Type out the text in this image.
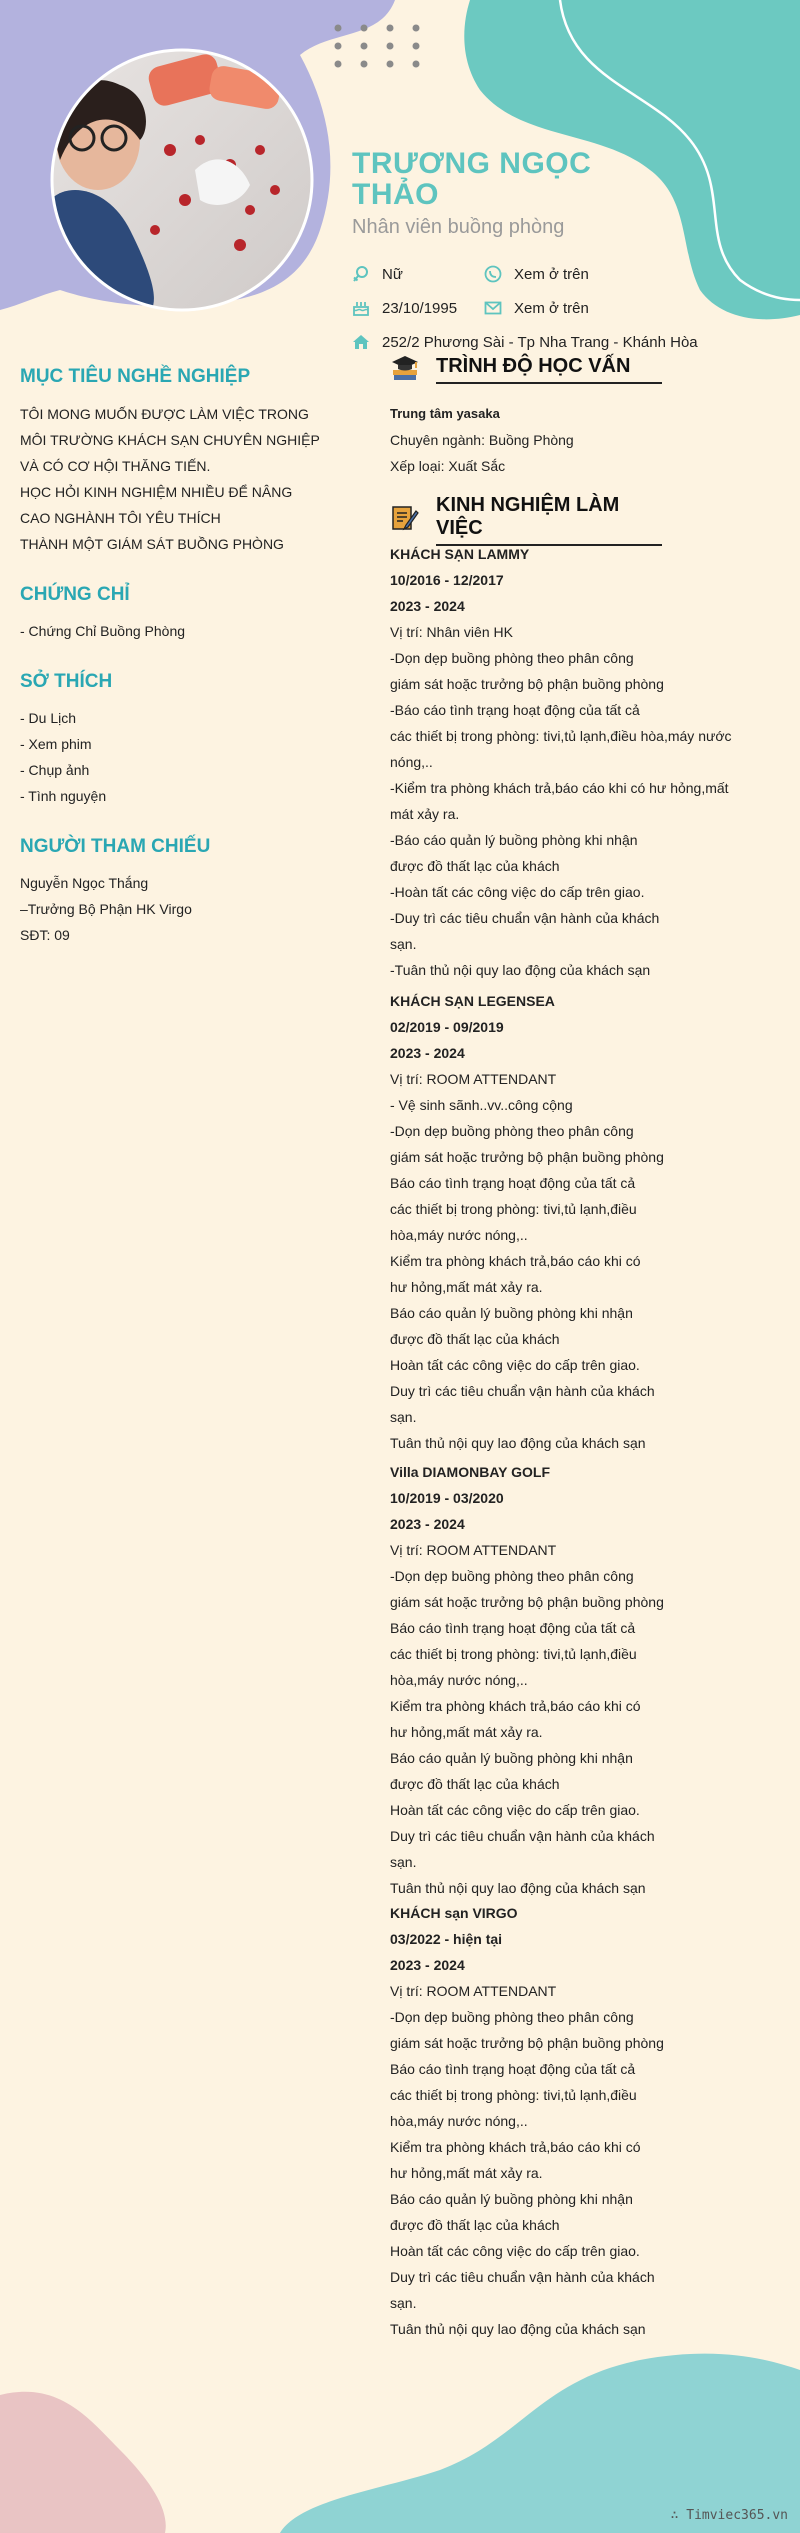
TRƯƠNG NGỌC THẢO
Nhân viên buồng phòng
Nữ	Xem ở trên
23/10/1995	Xem ở trên
252/2 Phương Sài - Tp Nha Trang - Khánh Hòa
MỤC TIÊU NGHỀ NGHIỆP

TÔI MONG MUỐN ĐƯỢC LÀM VIỆC TRONG

MÔI TRƯỜNG KHÁCH SẠN CHUYÊN NGHIỆP

VÀ CÓ CƠ HỘI THĂNG TIẾN.

HỌC HỎI KINH NGHIỆM NHIỀU ĐỂ NÂNG

CAO NGHÀNH TÔI YÊU THÍCH

THÀNH MỘT GIÁM SÁT BUỒNG PHÒNG

CHỨNG CHỈ

- Chứng Chỉ Buồng Phòng

SỞ THÍCH

- Du Lịch

- Xem phim

- Chụp ảnh

- Tình nguyện

NGƯỜI THAM CHIẾU

Nguyễn Ngọc Thắng

–Trưởng Bộ Phận HK Virgo

SĐT: 09

TRÌNH ĐỘ HỌC VẤN

Trung tâm yasaka

Chuyên ngành: Buồng Phòng

Xếp loại: Xuất Sắc

KINH NGHIỆM LÀM VIỆC

KHÁCH SẠN LAMMY

10/2016 - 12/2017

2023 - 2024

Vị trí: Nhân viên HK

-Dọn dẹp buồng phòng theo phân công

giám sát hoặc trưởng bộ phận buồng phòng

-Báo cáo tình trạng hoạt động của tất cả

các thiết bị trong phòng: tivi,tủ lạnh,điều hòa,máy nước

nóng,..

-Kiểm tra phòng khách trả,báo cáo khi có hư hỏng,mất

mát xảy ra.

-Báo cáo quản lý buồng phòng khi nhận

được đồ thất lạc của khách

-Hoàn tất các công việc do cấp trên giao.

-Duy trì các tiêu chuẩn vận hành của khách

sạn.

-Tuân thủ nội quy lao động của khách sạn

KHÁCH SẠN LEGENSEA

02/2019 - 09/2019

2023 - 2024

Vị trí: ROOM ATTENDANT

- Vệ sinh sãnh..vv..công cộng

-Dọn dẹp buồng phòng theo phân công

giám sát hoặc trưởng bộ phận buồng phòng

Báo cáo tình trạng hoạt động của tất cả

các thiết bị trong phòng: tivi,tủ lạnh,điều

hòa,máy nước nóng,..

Kiểm tra phòng khách trả,báo cáo khi có

hư hỏng,mất mát xảy ra.

Báo cáo quản lý buồng phòng khi nhận

được đồ thất lạc của khách

Hoàn tất các công việc do cấp trên giao.

Duy trì các tiêu chuẩn vận hành của khách

sạn.

Tuân thủ nội quy lao động của khách sạn

Villa DIAMONBAY GOLF

10/2019 - 03/2020

2023 - 2024

Vị trí: ROOM ATTENDANT

-Dọn dẹp buồng phòng theo phân công

giám sát hoặc trưởng bộ phận buồng phòng

Báo cáo tình trạng hoạt động của tất cả

các thiết bị trong phòng: tivi,tủ lạnh,điều

hòa,máy nước nóng,..

Kiểm tra phòng khách trả,báo cáo khi có

hư hỏng,mất mát xảy ra.

Báo cáo quản lý buồng phòng khi nhận

được đồ thất lạc của khách

Hoàn tất các công việc do cấp trên giao.

Duy trì các tiêu chuẩn vận hành của khách

sạn.

Tuân thủ nội quy lao động của khách sạn

KHÁCH sạn VIRGO

03/2022 - hiện tại

2023 - 2024

Vị trí: ROOM ATTENDANT

-Dọn dẹp buồng phòng theo phân công

giám sát hoặc trưởng bộ phận buồng phòng

Báo cáo tình trạng hoạt động của tất cả

các thiết bị trong phòng: tivi,tủ lạnh,điều

hòa,máy nước nóng,..

Kiểm tra phòng khách trả,báo cáo khi có

hư hỏng,mất mát xảy ra.

Báo cáo quản lý buồng phòng khi nhận

được đồ thất lạc của khách

Hoàn tất các công việc do cấp trên giao.

Duy trì các tiêu chuẩn vận hành của khách

sạn.

Tuân thủ nội quy lao động của khách sạn

∴ Timviec365.vn
